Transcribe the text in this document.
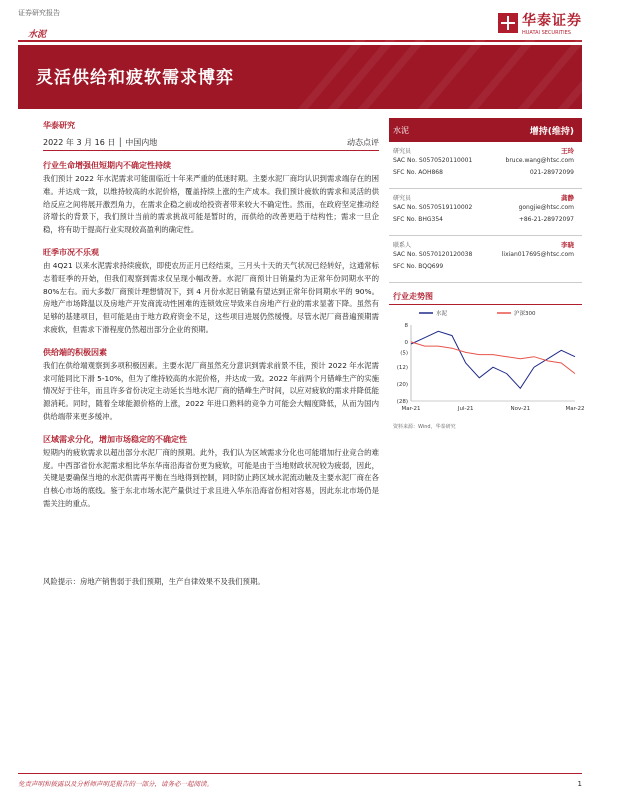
证券研究报告	华泰证券
HUATAI SECURITIES
水泥
灵活供给和疲软需求博弈
华泰研究
2022 年 3 月 16 日 │ 中国内地	动态点评
行业生命增强但短期内不确定性持续
我们预计 2022 年水泥需求可能面临近十年来严重的低迷时期。主要水泥厂商均认识到需求端存在的困难。并达成一致，以维持较高的水泥价格，覆盖持续上涨的生产成本。我们预计疲软的需求和灵活的供给反应之间将展开激烈角力，在需求企稳之前或给投资者带来较大不确定性。然而，在政府坚定推动经济增长的背景下，我们预计当前的需求挑战可能是暂时的，而供给的改善更趋于结构性；需求一旦企稳，将有助于提高行业实现较高盈利的确定性。
旺季市况不乐观
由 4Q21 以来水泥需求持续疲软，即使农历正月已经结束，三月头十天的天气状况已经转好，这通常标志着旺季的开始，但我们观察到需求仅呈现小幅改善。水泥厂商预计日销量约为正常年份同期水平的 80%左右。而大多数厂商预计理想情况下，到 4 月份水泥日销量有望达到正常年份同期水平的 90%。房地产市场降温以及房地产开发商流动性困难的连锁效应导致来自房地产行业的需求显著下降。虽然有足够的基建项目，但可能是由于地方政府资金不足，这些项目进展仍然缓慢。尽管水泥厂商普遍预期需求疲软，但需求下滑程度仍然超出部分企业的预期。
供给端的积极因素
我们在供给端观察到多项积极因素。主要水泥厂商虽然充分意识到需求前景不佳，预计 2022 年水泥需求可能同比下滑 5-10%，但为了维持较高的水泥价格，并达成一致。2022 年前两个月错峰生产的实施情况好于往年，而且许多省份决定主动延长当地水泥厂商的错峰生产时间，以应对疲软的需求并降低能源消耗。同时，随着全球能源价格的上涨，2022 年进口熟料的竞争力可能会大幅度降低，从而为国内供给端带来更多缓冲。
区域需求分化，增加市场稳定的不确定性
短期内的疲软需求以超出部分水泥厂商的预期。此外，我们认为区域需求分化也可能增加行业竞合的难度。中西部省份水泥需求相比华东华南沿海省份更为疲软，可能是由于当地财政状况较为疲弱，因此，关键是要确保当地的水泥供需再平衡在当地得到控制，同时防止跨区域水泥流动触及主要水泥厂商在各自核心市场的底线。鉴于东北市场水泥产量供过于求且进入华东沿海省份相对容易，因此东北市场仍是需关注的重点。
风险提示：房地产销售弱于我们预期，生产自律效果不及我们预期。
水泥	增持(维持)
研究员	王玲
SAC No. S0570520110001
SFC No. AOH868
bruce.wang@htsc.com
021-28972099
研究员	龚静
SAC No. S0570519110002
SFC No. BHG354
gongjie@htsc.com
+86-21-28972097
联系人	李晓
SAC No. S0570120120038
SFC No. BQQ699
lixian017695@htsc.com
行业走势图
8
0
(5)
(12)
(20)
(28)
Mar-21	Jul-21	Nov-21	Mar-22
水泥	沪深300
资料来源：Wind，华泰研究
免责声明和披露以及分析师声明是报告的一部分，请务必一起阅读。	1
